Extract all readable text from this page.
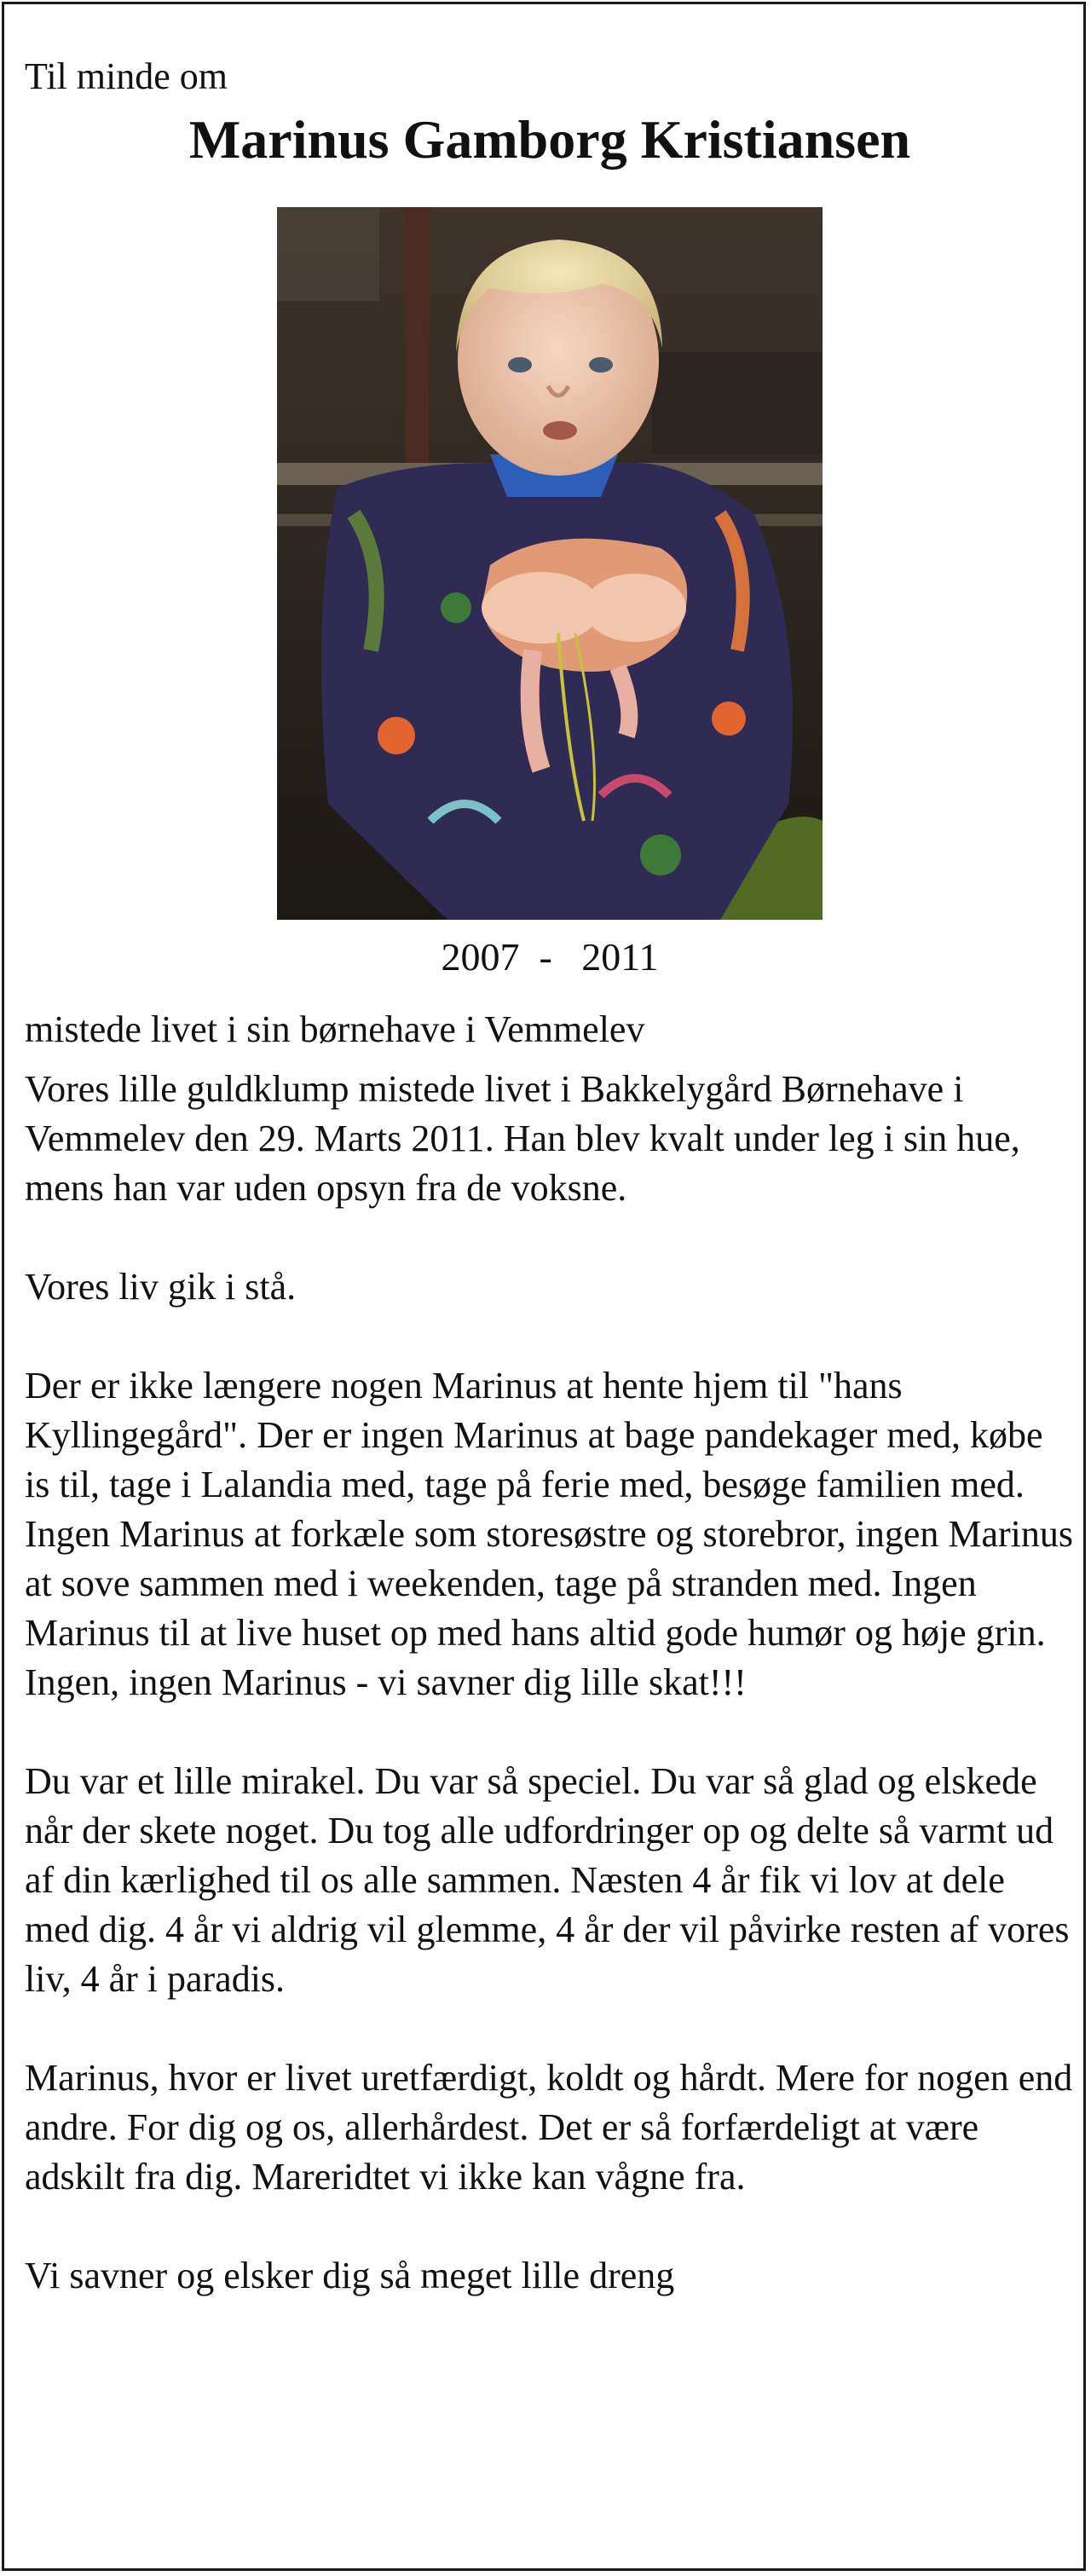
Til minde om

Marinus Gamborg Kristiansen

2007  -   2011

mistede livet i sin børnehave i Vemmelev

Vores lille guldklump mistede livet i Bakkelygård Børnehave i Vemmelev den 29. Marts 2011. Han blev kvalt under leg i sin hue, mens han var uden opsyn fra de voksne.

Vores liv gik i stå.

Der er ikke længere nogen Marinus at hente hjem til "hans Kyllingegård". Der er ingen Marinus at bage pandekager med, købe is til, tage i Lalandia med, tage på ferie med, besøge familien med. Ingen Marinus at forkæle som storesøstre og storebror, ingen Marinus at sove sammen med i weekenden, tage på stranden med. Ingen Marinus til at live huset op med hans altid gode humør og høje grin. Ingen, ingen Marinus - vi savner dig lille skat!!!

Du var et lille mirakel. Du var så speciel. Du var så glad og elskede når der skete noget. Du tog alle udfordringer op og delte så varmt ud af din kærlighed til os alle sammen. Næsten 4 år fik vi lov at dele med dig. 4 år vi aldrig vil glemme, 4 år der vil påvirke resten af vores liv, 4 år i paradis.

Marinus, hvor er livet uretfærdigt, koldt og hårdt. Mere for nogen end andre. For dig og os, allerhårdest. Det er så forfærdeligt at være adskilt fra dig. Mareridtet vi ikke kan vågne fra.

Vi savner og elsker dig så meget lille dreng
